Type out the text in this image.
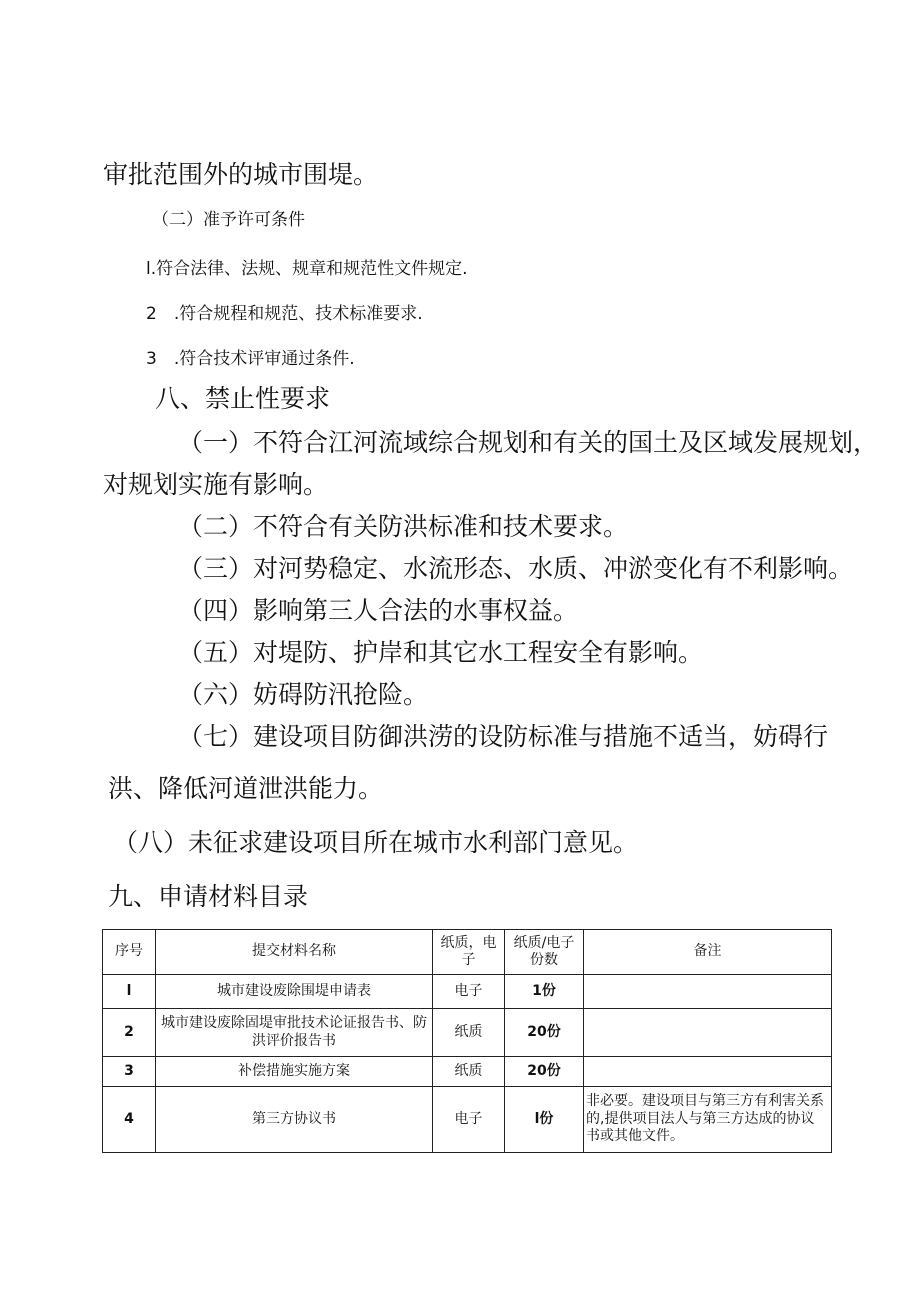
审批范围外的城市围堤。
（二）准予许可条件
l.符合法律、法规、规章和规范性文件规定.
2　.符合规程和规范、技术标准要求.
3　.符合技术评审通过条件.
八、禁止性要求
（一）不符合江河流域综合规划和有关的国土及区域发展规划，
对规划实施有影响。
（二）不符合有关防洪标准和技术要求。
（三）对河势稳定、水流形态、水质、冲淤变化有不利影响。
（四）影响第三人合法的水事权益。
（五）对堤防、护岸和其它水工程安全有影响。
（六）妨碍防汛抢险。
（七）建设项目防御洪涝的设防标准与措施不适当，妨碍行
洪、降低河道泄洪能力。
（八）未征求建设项目所在城市水利部门意见。
九、申请材料目录
序号	提交材料名称	纸质，电子	纸质/电子份数	备注
l	城市建设废除围堤申请表	电子	1份	
2	城市建设废除固堤审批技术论证报告书、防洪评价报告书	纸质	20份	
3	补偿措施实施方案	纸质	20份	
4	第三方协议书	电子	l份	非必要。建设项目与第三方有利害关系的,提供项目法人与第三方达成的协议书或其他文件。
